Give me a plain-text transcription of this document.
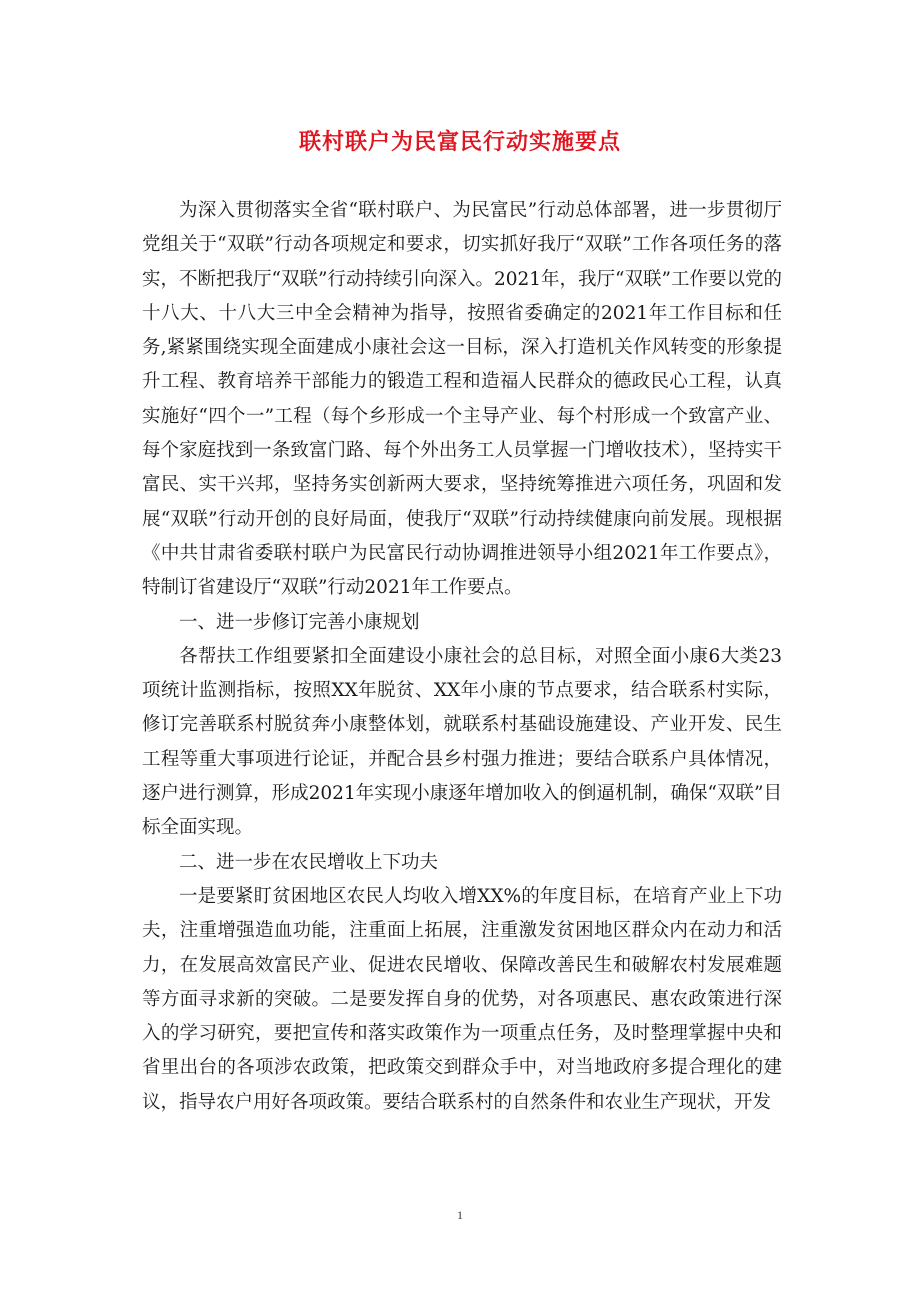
联村联户为民富民行动实施要点

为深入贯彻落实全省“联村联户、为民富民”行动总体部署，进一步贯彻厅党组关于“双联”行动各项规定和要求，切实抓好我厅“双联”工作各项任务的落实，不断把我厅“双联”行动持续引向深入。2021年，我厅“双联”工作要以党的十八大、十八大三中全会精神为指导，按照省委确定的2021年工作目标和任务,紧紧围绕实现全面建成小康社会这一目标，深入打造机关作风转变的形象提升工程、教育培养干部能力的锻造工程和造福人民群众的德政民心工程，认真实施好“四个一”工程（每个乡形成一个主导产业、每个村形成一个致富产业、每个家庭找到一条致富门路、每个外出务工人员掌握一门增收技术），坚持实干富民、实干兴邦，坚持务实创新两大要求，坚持统筹推进六项任务，巩固和发展“双联”行动开创的良好局面，使我厅“双联”行动持续健康向前发展。现根据《中共甘肃省委联村联户为民富民行动协调推进领导小组2021年工作要点》，特制订省建设厅“双联”行动2021年工作要点。

一、进一步修订完善小康规划

各帮扶工作组要紧扣全面建设小康社会的总目标，对照全面小康6大类23项统计监测指标，按照XX年脱贫、XX年小康的节点要求，结合联系村实际，修订完善联系村脱贫奔小康整体划，就联系村基础设施建设、产业开发、民生工程等重大事项进行论证，并配合县乡村强力推进；要结合联系户具体情况，逐户进行测算，形成2021年实现小康逐年增加收入的倒逼机制，确保“双联”目标全面实现。

二、进一步在农民增收上下功夫

一是要紧盯贫困地区农民人均收入增XX%的年度目标，在培育产业上下功夫，注重增强造血功能，注重面上拓展，注重激发贫困地区群众内在动力和活力，在发展高效富民产业、促进农民增收、保障改善民生和破解农村发展难题等方面寻求新的突破。二是要发挥自身的优势，对各项惠民、惠农政策进行深入的学习研究，要把宣传和落实政策作为一项重点任务，及时整理掌握中央和省里出台的各项涉农政策，把政策交到群众手中，对当地政府多提合理化的建议，指导农户用好各项政策。要结合联系村的自然条件和农业生产现状，开发

1
